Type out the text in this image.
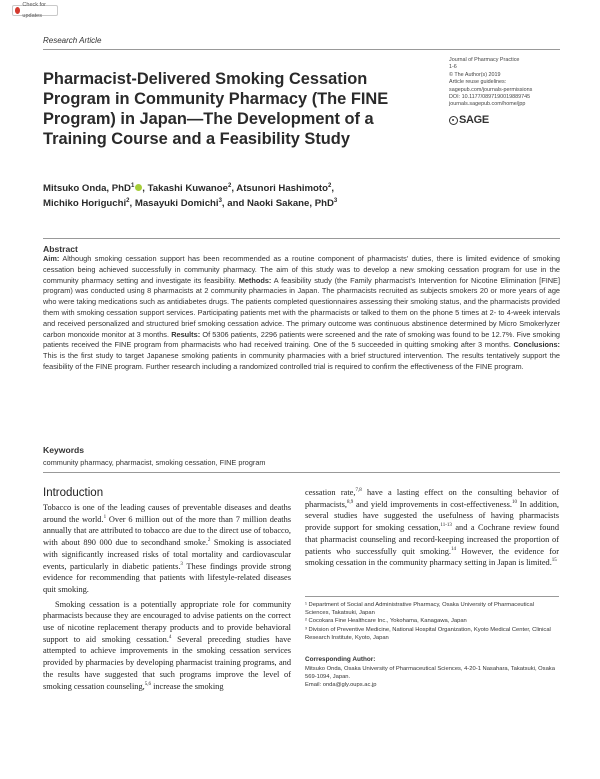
Check for updates
Research Article
Pharmacist-Delivered Smoking Cessation Program in Community Pharmacy (The FINE Program) in Japan—The Development of a Training Course and a Feasibility Study
Journal of Pharmacy Practice
1-6
© The Author(s) 2019
Article reuse guidelines:
sagepub.com/journals-permissions
DOI: 10.1177/0897190019889745
journals.sagepub.com/home/jpp
SAGE
Mitsuko Onda, PhD$^1$ , Takashi Kuwanoe$^2$, Atsunori Hashimoto$^2$,
Michiko Horiguchi$^2$, Masayuki Domichi$^3$, and Naoki Sakane, PhD$^3$
Abstract
Aim: Although smoking cessation support has been recommended as a routine component of pharmacists' duties, there is limited evidence of smoking cessation being achieved successfully in community pharmacy. The aim of this study was to develop a new smoking cessation program for use in the community pharmacy setting and investigate its feasibility. Methods: A feasibility study (the Family pharmacist's Intervention for Nicotine Elimination [FINE] program) was conducted using 8 pharmacists at 2 community pharmacies in Japan. The pharmacists recruited as subjects smokers 20 or more years of age who were taking medications such as antidiabetes drugs. The patients completed questionnaires assessing their smoking status, and the pharmacists provided them with smoking cessation support services. Participating patients met with the pharmacists or talked to them on the phone 5 times at 2- to 4-week intervals and received personalized and structured brief smoking cessation advice. The primary outcome was continuous abstinence determined by Micro Smokerlyzer carbon monoxide monitor at 3 months. Results: Of 5306 patients, 2296 patients were screened and the rate of smoking was found to be 12.7%. Five smoking patients received the FINE program from pharmacists who had received training. One of the 5 succeeded in quitting smoking after 3 months. Conclusions: This is the first study to target Japanese smoking patients in community pharmacies with a brief structured intervention. The results tentatively support the feasibility of the FINE program. Further research including a randomized controlled trial is required to confirm the effectiveness of the FINE program.
Keywords
community pharmacy, pharmacist, smoking cessation, FINE program
Introduction

Tobacco is one of the leading causes of preventable diseases and deaths around the world.$^1$ Over 6 million out of the more than 7 million deaths annually that are attributed to tobacco are due to the direct use of tobacco, with about 890 000 due to secondhand smoke.$^2$ Smoking is associated with significantly increased risks of total mortality and cardiovascular events, particularly in diabetic patients.$^3$ These findings provide strong evidence for recommending that patients with lifestyle-related diseases quit smoking.

Smoking cessation is a potentially appropriate role for community pharmacists because they are encouraged to advise patients on the correct use of nicotine replacement therapy products and to provide behavioral support to aid smoking cessation.$^4$ Several preceding studies have attempted to achieve improvements in the smoking cessation services provided by pharmacies by developing pharmacist training programs, and the results have suggested that such programs improve the level of smoking cessation counseling,$^{5,6}$ increase the smoking

cessation rate,$^{7,8}$ have a lasting effect on the consulting behavior of pharmacists,$^{8,9}$ and yield improvements in cost-effectiveness.$^{10}$ In addition, several studies have suggested the usefulness of having pharmacists provide support for smoking cessation,$^{11-13}$ and a Cochrane review found that pharmacist counseling and record-keeping increased the proportion of patients who successfully quit smoking.$^{14}$ However, the evidence for smoking cessation in the community pharmacy setting in Japan is limited.$^{15}$

¹ Department of Social and Administrative Pharmacy, Osaka University of Pharmaceutical Sciences, Takatsuki, Japan

² Cocokara Fine Healthcare Inc., Yokohama, Kanagawa, Japan

³ Division of Preventive Medicine, National Hospital Organization, Kyoto Medical Center, Clinical Research Institute, Kyoto, Japan

Corresponding Author:

Mitsuko Onda, Osaka University of Pharmaceutical Sciences, 4-20-1 Nasahara, Takatsuki, Osaka 569-1094, Japan.

Email: onda@gly.oups.ac.jp
